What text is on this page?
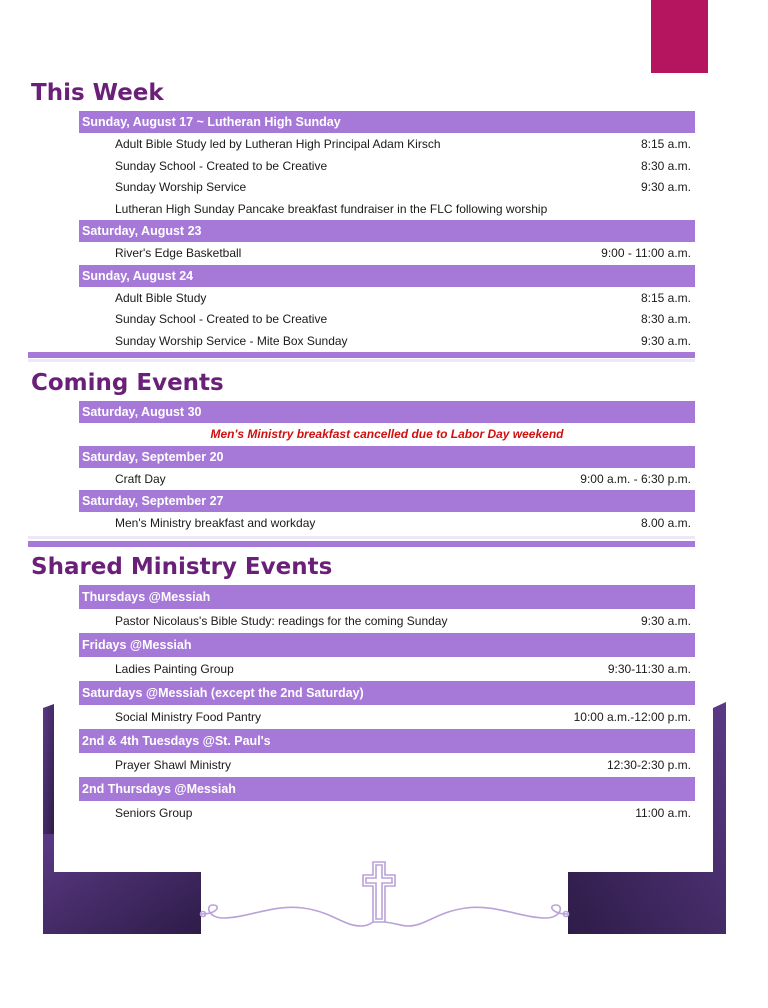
This Week
Sunday, August 17 ~ Lutheran High Sunday
Adult Bible Study led by Lutheran High Principal Adam Kirsch	8:15 a.m.
Sunday School - Created to be Creative	8:30 a.m.
Sunday Worship Service	9:30 a.m.
Lutheran High Sunday Pancake breakfast fundraiser in the FLC following worship
Saturday, August 23
River's Edge Basketball	9:00 - 11:00 a.m.
Sunday, August 24
Adult Bible Study	8:15 a.m.
Sunday School - Created to be Creative	8:30 a.m.
Sunday Worship Service - Mite Box Sunday	9:30 a.m.
Coming Events
Saturday, August 30
Men's Ministry breakfast cancelled due to Labor Day weekend
Saturday, September 20
Craft Day	9:00 a.m. - 6:30 p.m.
Saturday, September 27
Men's Ministry breakfast and workday	8.00 a.m.
Shared Ministry Events
Thursdays @Messiah
Pastor Nicolaus's Bible Study: readings for the coming Sunday	9:30 a.m.
Fridays @Messiah
Ladies Painting Group	9:30-11:30 a.m.
Saturdays @Messiah (except the 2nd Saturday)
Social Ministry Food Pantry	10:00 a.m.-12:00 p.m.
2nd & 4th Tuesdays @St. Paul's
Prayer Shawl Ministry	12:30-2:30 p.m.
2nd Thursdays @Messiah
Seniors Group	11:00 a.m.
